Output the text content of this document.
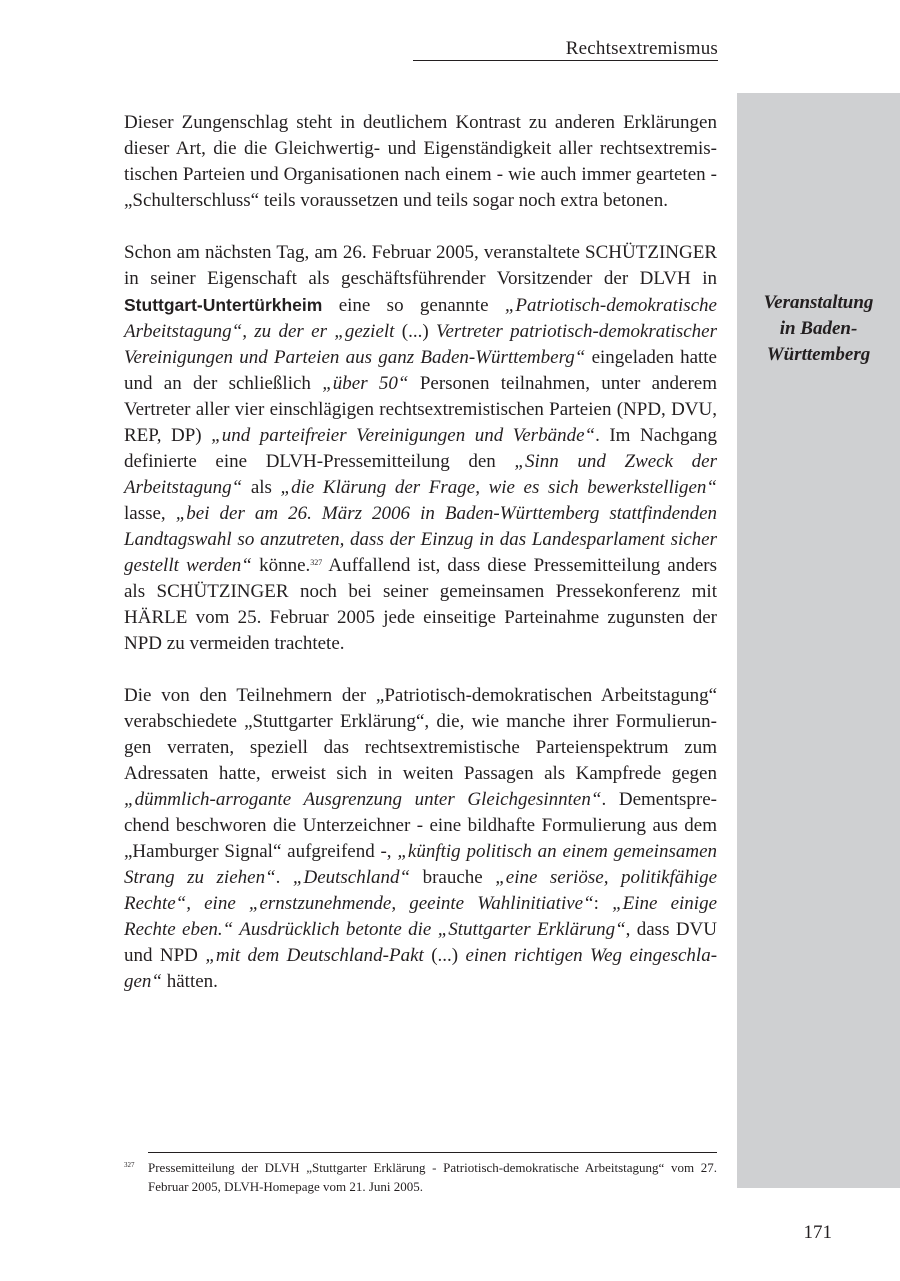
Rechtsextremismus
Veranstaltung
in Baden-
Württemberg

Dieser Zungenschlag steht in deutlichem Kontrast zu anderen Erklärungen dieser Art, die die Gleichwertig- und Eigenständigkeit aller rechtsextremistischen Parteien und Organisationen nach einem - wie auch immer gearteten - „Schulterschluss“ teils voraussetzen und teils sogar noch extra betonen.

Schon am nächsten Tag, am 26. Februar 2005, veranstaltete SCHÜTZINGER in seiner Eigenschaft als geschäftsführender Vorsitzender der DLVH in Stuttgart-Untertürkheim eine so genannte „Patriotisch-demokratische Arbeitstagung“, zu der er „gezielt (...) Vertreter patriotisch-demokratischer Vereinigungen und Parteien aus ganz Baden-Württemberg“ eingeladen hatte und an der schließlich „über 50“ Personen teilnahmen, unter anderem Vertreter aller vier einschlägigen rechtsextremistischen Parteien (NPD, DVU, REP, DP) „und parteifreier Vereinigungen und Verbände“. Im Nachgang definierte eine DLVH-Pressemitteilung den „Sinn und Zweck der Arbeitstagung“ als „die Klärung der Frage, wie es sich bewerkstelligen“ lasse, „bei der am 26. März 2006 in Baden-Württemberg stattfindenden Landtagswahl so anzutreten, dass der Einzug in das Landesparlament sicher gestellt werden“ könne.$^{327}$ Auffallend ist, dass diese Pressemitteilung anders als SCHÜTZINGER noch bei seiner gemeinsamen Pressekonferenz mit HÄRLE vom 25. Februar 2005 jede einseitige Parteinahme zugunsten der NPD zu vermeiden trachtete.

Die von den Teilnehmern der „Patriotisch-demokratischen Arbeitstagung“ verabschiedete „Stuttgarter Erklärung“, die, wie manche ihrer Formulierungen verraten, speziell das rechtsextremistische Parteienspektrum zum Adressaten hatte, erweist sich in weiten Passagen als Kampfrede gegen „dümmlich-arrogante Ausgrenzung unter Gleichgesinnten“. Dementsprechend beschworen die Unterzeichner - eine bildhafte Formulierung aus dem „Hamburger Signal“ aufgreifend -, „künftig politisch an einem gemeinsamen Strang zu ziehen“. „Deutschland“ brauche „eine seriöse, politikfähige Rechte“, eine „ernstzunehmende, geeinte Wahlinitiative“: „Eine einige Rechte eben.“ Ausdrücklich betonte die „Stuttgarter Erklärung“, dass DVU und NPD „mit dem Deutschland-Pakt (...) einen richtigen Weg eingeschlagen“ hätten.

327 Pressemitteilung der DLVH „Stuttgarter Erklärung - Patriotisch-demokratische Arbeitstagung“ vom 27. Februar 2005, DLVH-Homepage vom 21. Juni 2005.
171
